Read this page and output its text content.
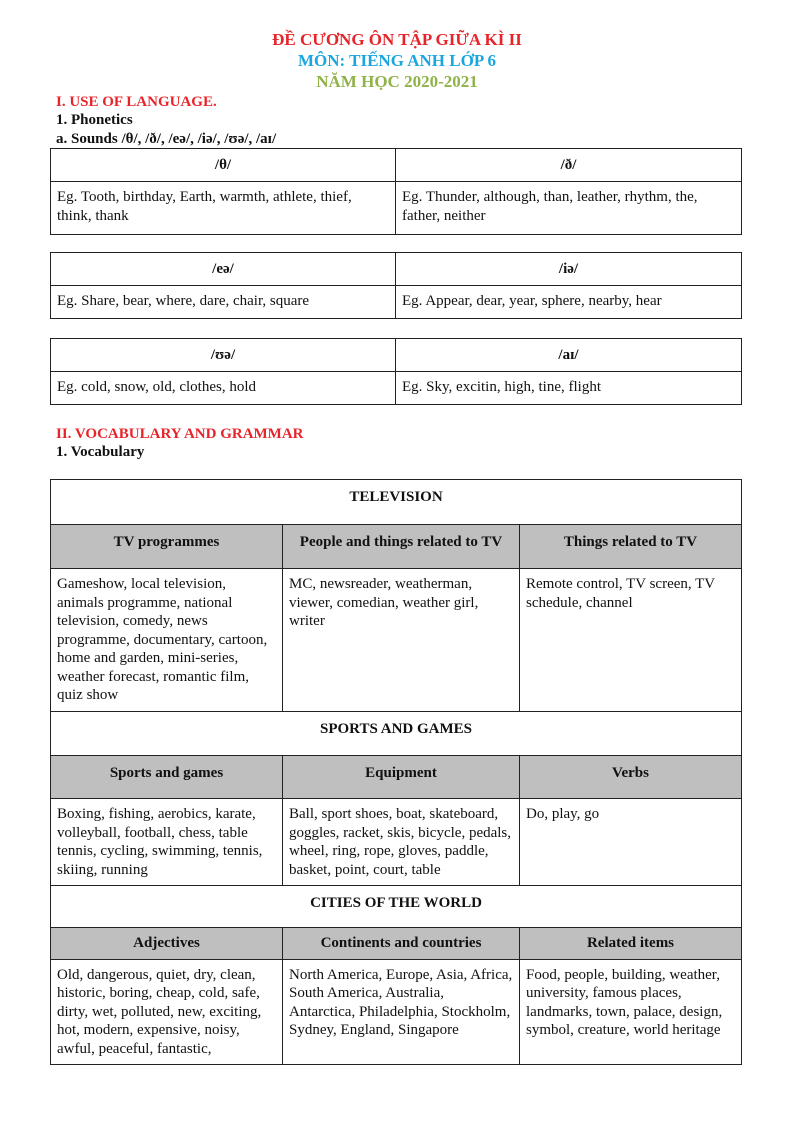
ĐỀ CƯƠNG ÔN TẬP GIỮA KÌ II
MÔN: TIẾNG ANH LỚP 6
NĂM HỌC 2020-2021
I. USE OF LANGUAGE.
1. Phonetics
a. Sounds /θ/, /ð/, /eə/, /iə/, /ʊə/, /aɪ/
/θ/	/ð/
Eg. Tooth, birthday, Earth, warmth, athlete, thief, think, thank	Eg. Thunder, although, than, leather, rhythm, the, father, neither
/eə/	/iə/
Eg. Share, bear, where, dare, chair, square	Eg. Appear, dear, year, sphere, nearby, hear
/ʊə/	/aɪ/
Eg. cold, snow, old, clothes, hold	Eg. Sky, excitin, high, tine, flight
II. VOCABULARY AND GRAMMAR
1. Vocabulary
TELEVISION		
TV programmes	People and things related to TV	Things related to TV
Gameshow, local television, animals programme, national television, comedy, news programme, documentary, cartoon, home and garden, mini-series, weather forecast, romantic film, quiz show	MC, newsreader, weatherman, viewer, comedian, weather girl, writer	Remote control, TV screen, TV schedule, channel
SPORTS AND GAMES		
Sports and games	Equipment	Verbs
Boxing, fishing, aerobics, karate, volleyball, football, chess, table tennis, cycling, swimming, tennis, skiing, running	Ball, sport shoes, boat, skateboard, goggles, racket, skis, bicycle, pedals, wheel, ring, rope, gloves, paddle, basket, point, court, table	Do, play, go
CITIES OF THE WORLD		
Adjectives	Continents and countries	Related items
Old, dangerous, quiet, dry, clean, historic, boring, cheap, cold, safe, dirty, wet, polluted, new, exciting, hot, modern, expensive, noisy, awful, peaceful, fantastic,	North America, Europe, Asia, Africa, South America, Australia, Antarctica, Philadelphia, Stockholm, Sydney, England, Singapore	Food, people, building, weather, university, famous places, landmarks, town, palace, design, symbol, creature, world heritage
